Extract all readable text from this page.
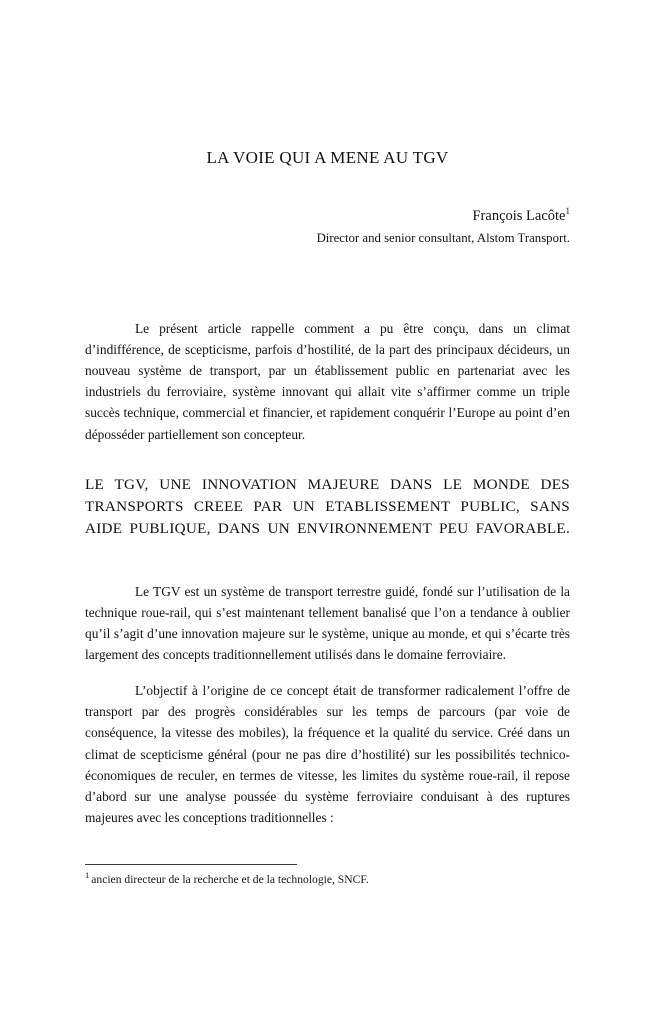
LA VOIE QUI A MENE AU TGV
François Lacôte$^1$
Director and senior consultant, Alstom Transport.

Le présent article rappelle comment a pu être conçu, dans un climat d’indifférence, de scepticisme, parfois d’hostilité, de la part des principaux décideurs, un nouveau système de transport, par un établissement public en partenariat avec les industriels du ferroviaire, système innovant qui allait vite s’affirmer comme un triple succès technique, commercial et financier, et rapidement conquérir l’Europe au point d’en déposséder partiellement son concepteur.

LE TGV, UNE INNOVATION MAJEURE DANS LE MONDE DES TRANSPORTS CREEE PAR UN ETABLISSEMENT PUBLIC, SANS AIDE PUBLIQUE, DANS UN ENVIRONNEMENT PEU FAVORABLE.

Le TGV est un système de transport terrestre guidé, fondé sur l’utilisation de la technique roue-rail, qui s’est maintenant tellement banalisé que l’on a tendance à oublier qu’il s’agit d’une innovation majeure sur le système, unique au monde, et qui s’écarte très largement des concepts traditionnellement utilisés dans le domaine ferroviaire.

L’objectif à l’origine de ce concept était de transformer radicalement l’offre de transport par des progrès considérables sur les temps de parcours (par voie de conséquence, la vitesse des mobiles), la fréquence et la qualité du service. Créé dans un climat de scepticisme général (pour ne pas dire d’hostilité) sur les possibilités technico-économiques de reculer, en termes de vitesse, les limites du système roue-rail, il repose d’abord sur une analyse poussée du système ferroviaire conduisant à des ruptures majeures avec les conceptions traditionnelles :

$^1$ ancien directeur de la recherche et de la technologie, SNCF.
